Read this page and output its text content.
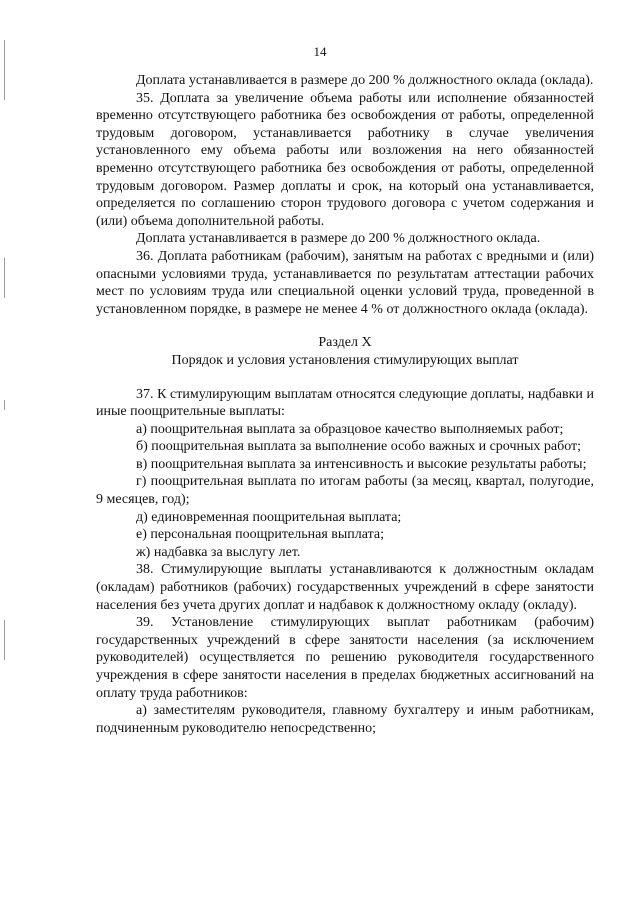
14

Доплата устанавливается в размере до 200 % должностного оклада (оклада).

35. Доплата за увеличение объема работы или исполнение обязанностей временно отсутствующего работника без освобождения от работы, определенной трудовым договором, устанавливается работнику в случае увеличения установленного ему объема работы или возложения на него обязанностей временно отсутствующего работника без освобождения от работы, определенной трудовым договором. Размер доплаты и срок, на который она устанавливается, определяется по соглашению сторон трудового договора с учетом содержания и (или) объема дополнительной работы.

Доплата устанавливается в размере до 200 % должностного оклада.

36. Доплата работникам (рабочим), занятым на работах с вредными и (или) опасными условиями труда, устанавливается по результатам аттестации рабочих мест по условиям труда или специальной оценки условий труда, проведенной в установленном порядке, в размере не менее 4 % от должностного оклада (оклада).

Раздел X
Порядок и условия установления стимулирующих выплат

37. К стимулирующим выплатам относятся следующие доплаты, надбавки и иные поощрительные выплаты:

а) поощрительная выплата за образцовое качество выполняемых работ;

б) поощрительная выплата за выполнение особо важных и срочных работ;

в) поощрительная выплата за интенсивность и высокие результаты работы;

г) поощрительная выплата по итогам работы (за месяц, квартал, полугодие, 9 месяцев, год);

д) единовременная поощрительная выплата;

е) персональная поощрительная выплата;

ж) надбавка за выслугу лет.

38. Стимулирующие выплаты устанавливаются к должностным окладам (окладам) работников (рабочих) государственных учреждений в сфере занятости населения без учета других доплат и надбавок к должностному окладу (окладу).

39. Установление стимулирующих выплат работникам (рабочим) государственных учреждений в сфере занятости населения (за исключением руководителей) осуществляется по решению руководителя государственного учреждения в сфере занятости населения в пределах бюджетных ассигнований на оплату труда работников:

а) заместителям руководителя, главному бухгалтеру и иным работникам, подчиненным руководителю непосредственно;
